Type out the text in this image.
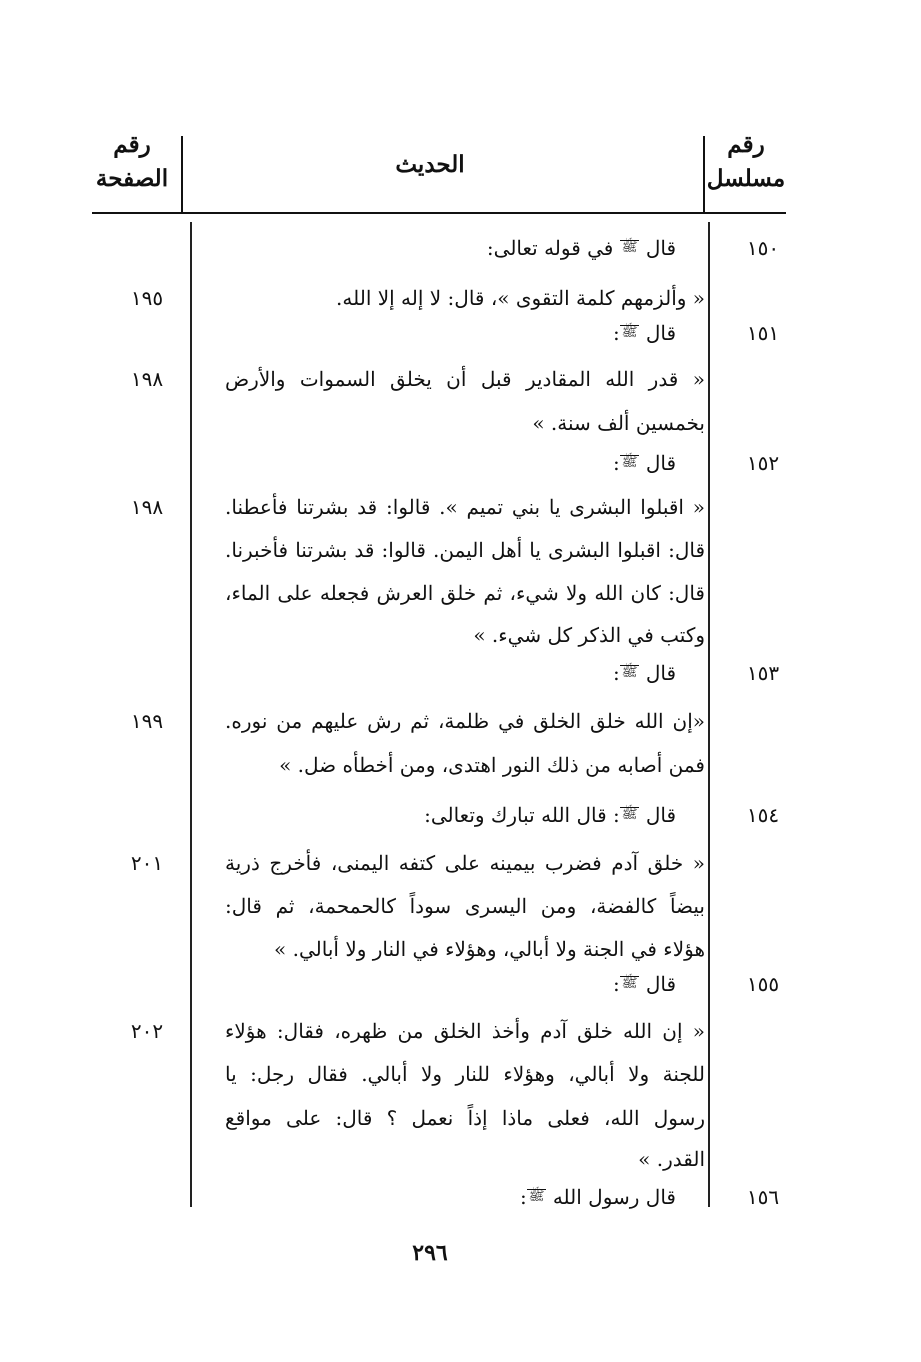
رقم
مسلسل
الحديث
رقم
الصفحة
١٥٠
قال ﷺ في قوله تعالى:
« وألزمهم كلمة التقوى »، قال: لا إله إلا الله.
١٩٥
١٥١
قال ﷺ:
« قدر الله المقادير قبل أن يخلق السموات والأرض
١٩٨
بخمسين ألف سنة. »
١٥٢
قال ﷺ:
« اقبلوا البشرى يا بني تميم ». قالوا: قد بشرتنا فأعطنا.
١٩٨
قال: اقبلوا البشرى يا أهل اليمن. قالوا: قد بشرتنا فأخبرنا.
قال: كان الله ولا شيء، ثم خلق العرش فجعله على الماء،
وكتب في الذكر كل شيء. »
١٥٣
قال ﷺ:
«إن الله خلق الخلق في ظلمة، ثم رش عليهم من نوره.
١٩٩
فمن أصابه من ذلك النور اهتدى، ومن أخطأه ضل. »
١٥٤
قال ﷺ: قال الله تبارك وتعالى:
« خلق آدم فضرب بيمينه على كتفه اليمنى، فأخرج ذرية
٢٠١
بيضاً كالفضة، ومن اليسرى سوداً كالحمحمة، ثم قال:
هؤلاء في الجنة ولا أبالي، وهؤلاء في النار ولا أبالي. »
١٥٥
قال ﷺ:
« إن الله خلق آدم وأخذ الخلق من ظهره، فقال: هؤلاء
٢٠٢
للجنة ولا أبالي، وهؤلاء للنار ولا أبالي. فقال رجل: يا
رسول الله، فعلى ماذا إذاً نعمل ؟ قال: على مواقع
القدر. »
١٥٦
قال رسول الله ﷺ:
٢٩٦
